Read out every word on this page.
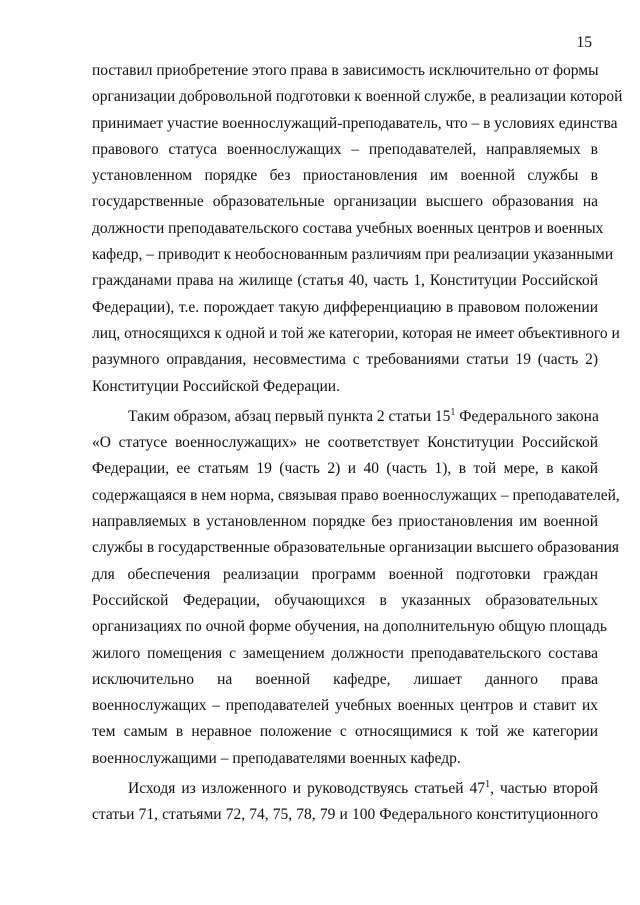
15
поставил приобретение этого права в зависимость исключительно от формы
организации добровольной подготовки к военной службе, в реализации которой
принимает участие военнослужащий-преподаватель, что – в условиях единства
правового статуса военнослужащих – преподавателей, направляемых в
установленном порядке без приостановления им военной службы в
государственные образовательные организации высшего образования на
должности преподавательского состава учебных военных центров и военных
кафедр, – приводит к необоснованным различиям при реализации указанными
гражданами права на жилище (статья 40, часть 1, Конституции Российской
Федерации), т.е. порождает такую дифференциацию в правовом положении
лиц, относящихся к одной и той же категории, которая не имеет объективного и
разумного оправдания, несовместима с требованиями статьи 19 (часть 2)
Конституции Российской Федерации.
Таким образом, абзац первый пункта 2 статьи $15^1$ Федерального закона
«О статусе военнослужащих» не соответствует Конституции Российской
Федерации, ее статьям 19 (часть 2) и 40 (часть 1), в той мере, в какой
содержащаяся в нем норма, связывая право военнослужащих – преподавателей,
направляемых в установленном порядке без приостановления им военной
службы в государственные образовательные организации высшего образования
для обеспечения реализации программ военной подготовки граждан
Российской Федерации, обучающихся в указанных образовательных
организациях по очной форме обучения, на дополнительную общую площадь
жилого помещения с замещением должности преподавательского состава
исключительно на военной кафедре, лишает данного права
военнослужащих – преподавателей учебных военных центров и ставит их
тем самым в неравное положение с относящимися к той же категории
военнослужащими – преподавателями военных кафедр.
Исходя из изложенного и руководствуясь статьей $47^1$, частью второй
статьи 71, статьями 72, 74, 75, 78, 79 и 100 Федерального конституционного
